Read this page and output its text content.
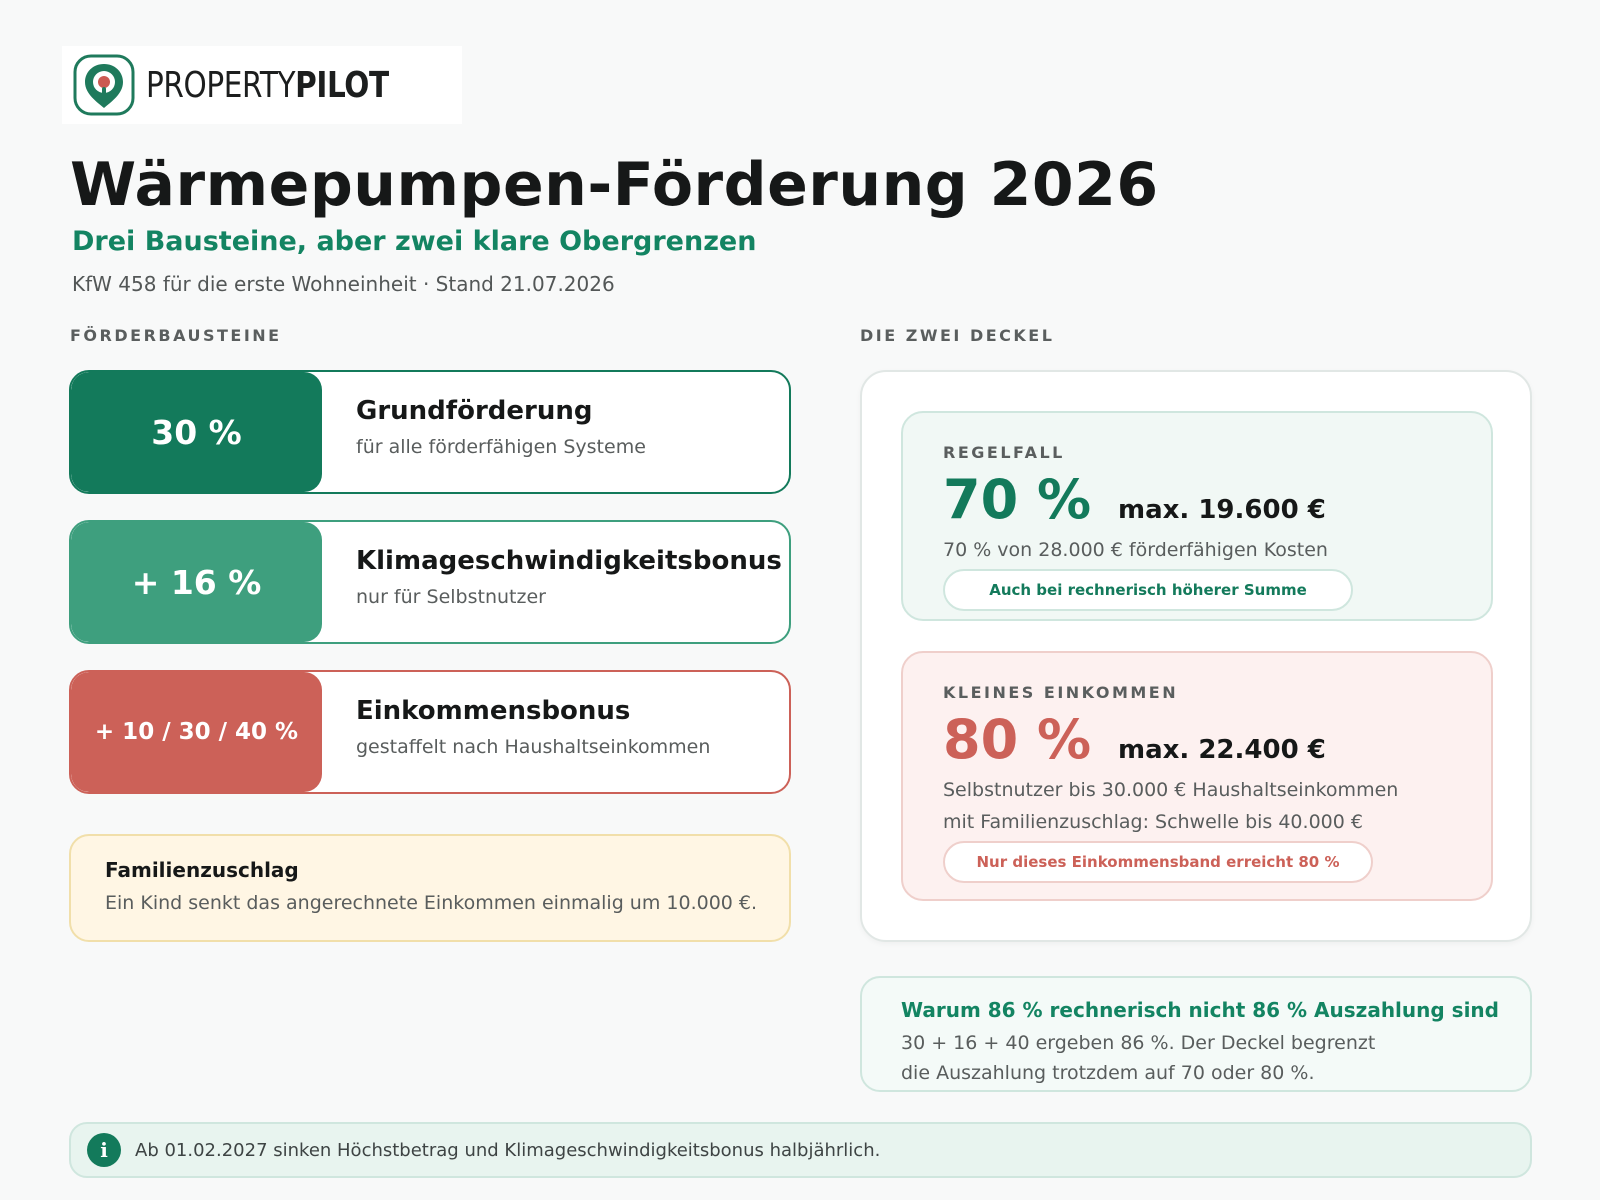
PROPERTYPILOT
Wärmepumpen-Förderung 2026
Drei Bausteine, aber zwei klare Obergrenzen
KfW 458 für die erste Wohneinheit · Stand 21.07.2026
FÖRDERBAUSTEINE	DIE ZWEI DECKEL
30 %
Grundförderung
für alle förderfähigen Systeme
+ 16 %
Klimageschwindigkeitsbonus
nur für Selbstnutzer
+ 10 / 30 / 40 %
Einkommensbonus
gestaffelt nach Haushaltseinkommen
Familienzuschlag
Ein Kind senkt das angerechnete Einkommen einmalig um 10.000 €.
REGELFALL
70 %	max. 19.600 €
70 % von 28.000 € förderfähigen Kosten
Auch bei rechnerisch höherer Summe
KLEINES EINKOMMEN
80 %	max. 22.400 €
Selbstnutzer bis 30.000 € Haushaltseinkommen
mit Familienzuschlag: Schwelle bis 40.000 €
Nur dieses Einkommensband erreicht 80 %
Warum 86 % rechnerisch nicht 86 % Auszahlung sind
30 + 16 + 40 ergeben 86 %. Der Deckel begrenzt
die Auszahlung trotzdem auf 70 oder 80 %.
i	Ab 01.02.2027 sinken Höchstbetrag und Klimageschwindigkeitsbonus halbjährlich.
